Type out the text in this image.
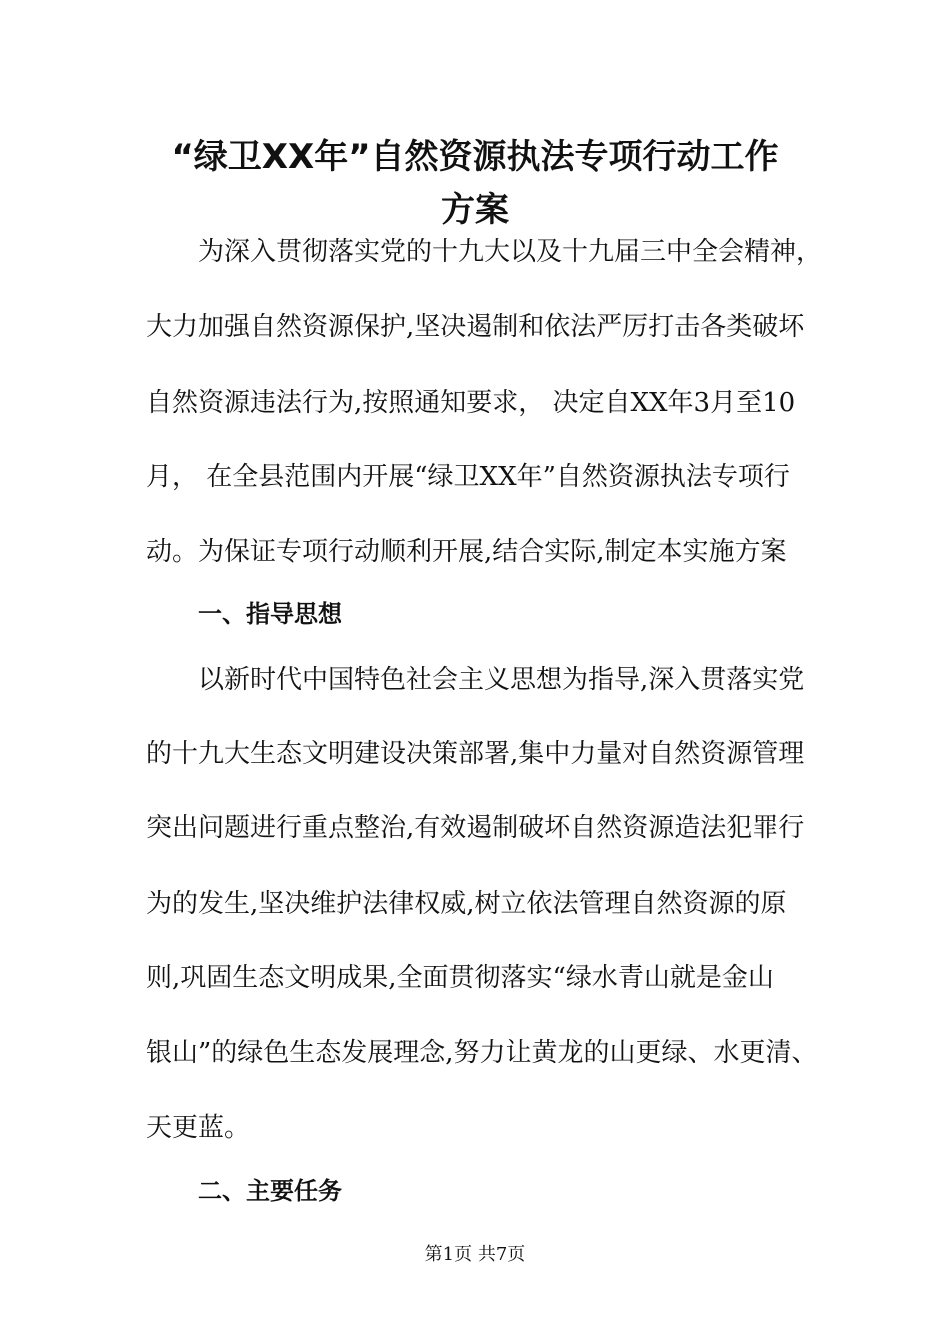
“绿卫XX年”自然资源执法专项行动工作
方案
为深入贯彻落实党的十九大以及十九届三中全会精神，
大力加强自然资源保护,坚决遏制和依法严厉打击各类破坏
自然资源违法行为,按照通知要求， 决定自XX年3月至10
月， 在全县范围内开展“绿卫XX年”自然资源执法专项行
动。为保证专项行动顺利开展,结合实际,制定本实施方案
一、指导思想
以新时代中国特色社会主义思想为指导,深入贯落实党
的十九大生态文明建设决策部署,集中力量对自然资源管理
突出问题进行重点整治,有效遏制破坏自然资源造法犯罪行
为的发生,坚决维护法律权威,树立依法管理自然资源的原
则,巩固生态文明成果,全面贯彻落实“绿水青山就是金山
银山”的绿色生态发展理念,努力让黄龙的山更绿、水更清、
天更蓝。
二、主要任务
第1页 共7页
